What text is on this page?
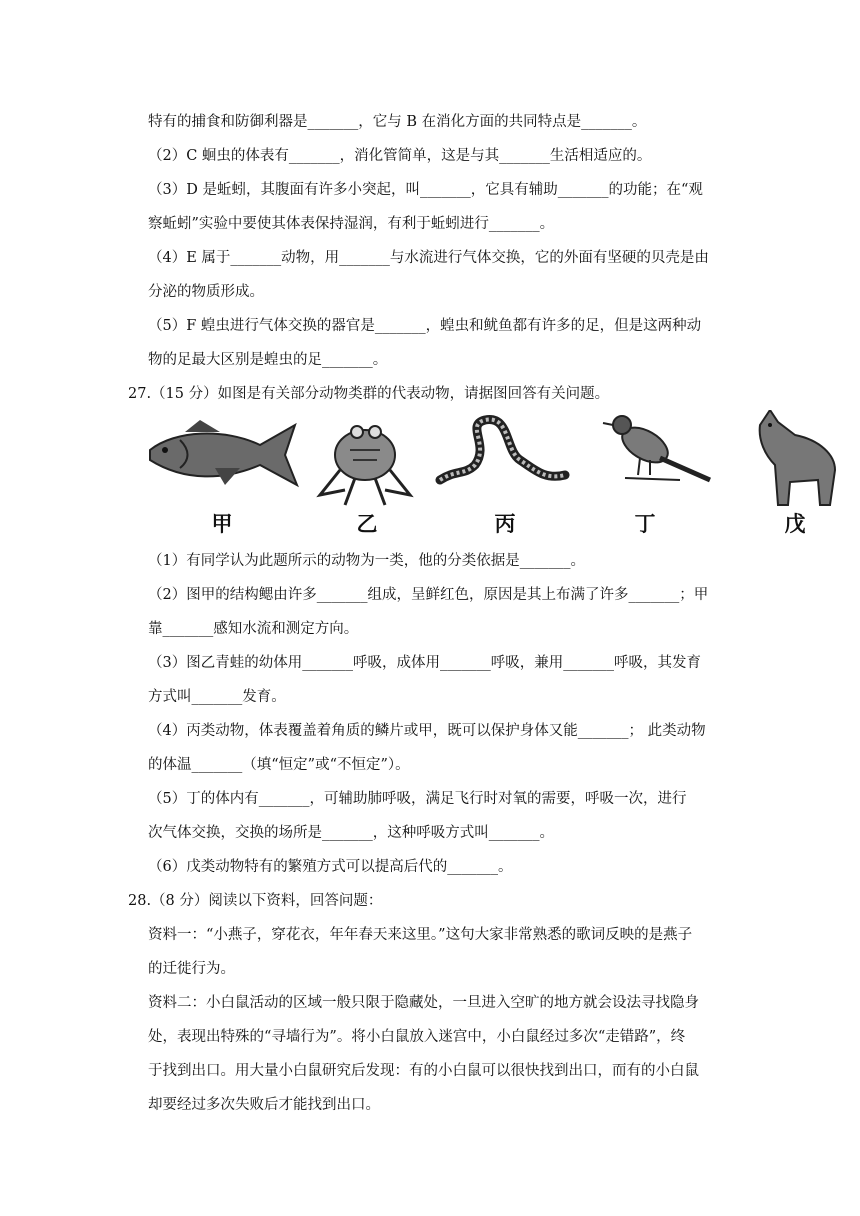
特有的捕食和防御利器是_______，它与 B 在消化方面的共同特点是_______。
（2）C 蛔虫的体表有_______，消化管简单，这是与其_______生活相适应的。
（3）D 是蚯蚓，其腹面有许多小突起，叫_______，它具有辅助_______的功能；在“观
察蚯蚓”实验中要使其体表保持湿润，有利于蚯蚓进行_______。
（4）E 属于_______动物，用_______与水流进行气体交换，它的外面有坚硬的贝壳是由
分泌的物质形成。
（5）F 蝗虫进行气体交换的器官是_______，蝗虫和鱿鱼都有许多的足，但是这两种动
物的足最大区别是蝗虫的足_______。
27.（15 分）如图是有关部分动物类群的代表动物，请据图回答有关问题。
甲	乙	丙	丁	戊
（1）有同学认为此题所示的动物为一类，他的分类依据是_______。
（2）图甲的结构鳃由许多_______组成，呈鲜红色，原因是其上布满了许多_______；甲
靠_______感知水流和测定方向。
（3）图乙青蛙的幼体用_______呼吸，成体用_______呼吸，兼用_______呼吸，其发育
方式叫_______发育。
（4）丙类动物，体表覆盖着角质的鳞片或甲，既可以保护身体又能_______； 此类动物
的体温_______（填“恒定”或“不恒定”）。
（5）丁的体内有_______，可辅助肺呼吸，满足飞行时对氧的需要，呼吸一次，进行
次气体交换，交换的场所是_______，这种呼吸方式叫_______。
（6）戊类动物特有的繁殖方式可以提高后代的_______。
28.（8 分）阅读以下资料，回答问题：
资料一：“小燕子，穿花衣，年年春天来这里。”这句大家非常熟悉的歌词反映的是燕子
的迁徙行为。
资料二：小白鼠活动的区域一般只限于隐藏处，一旦进入空旷的地方就会设法寻找隐身
处，表现出特殊的“寻墙行为”。将小白鼠放入迷宫中，小白鼠经过多次“走错路”，终
于找到出口。用大量小白鼠研究后发现：有的小白鼠可以很快找到出口，而有的小白鼠
却要经过多次失败后才能找到出口。
